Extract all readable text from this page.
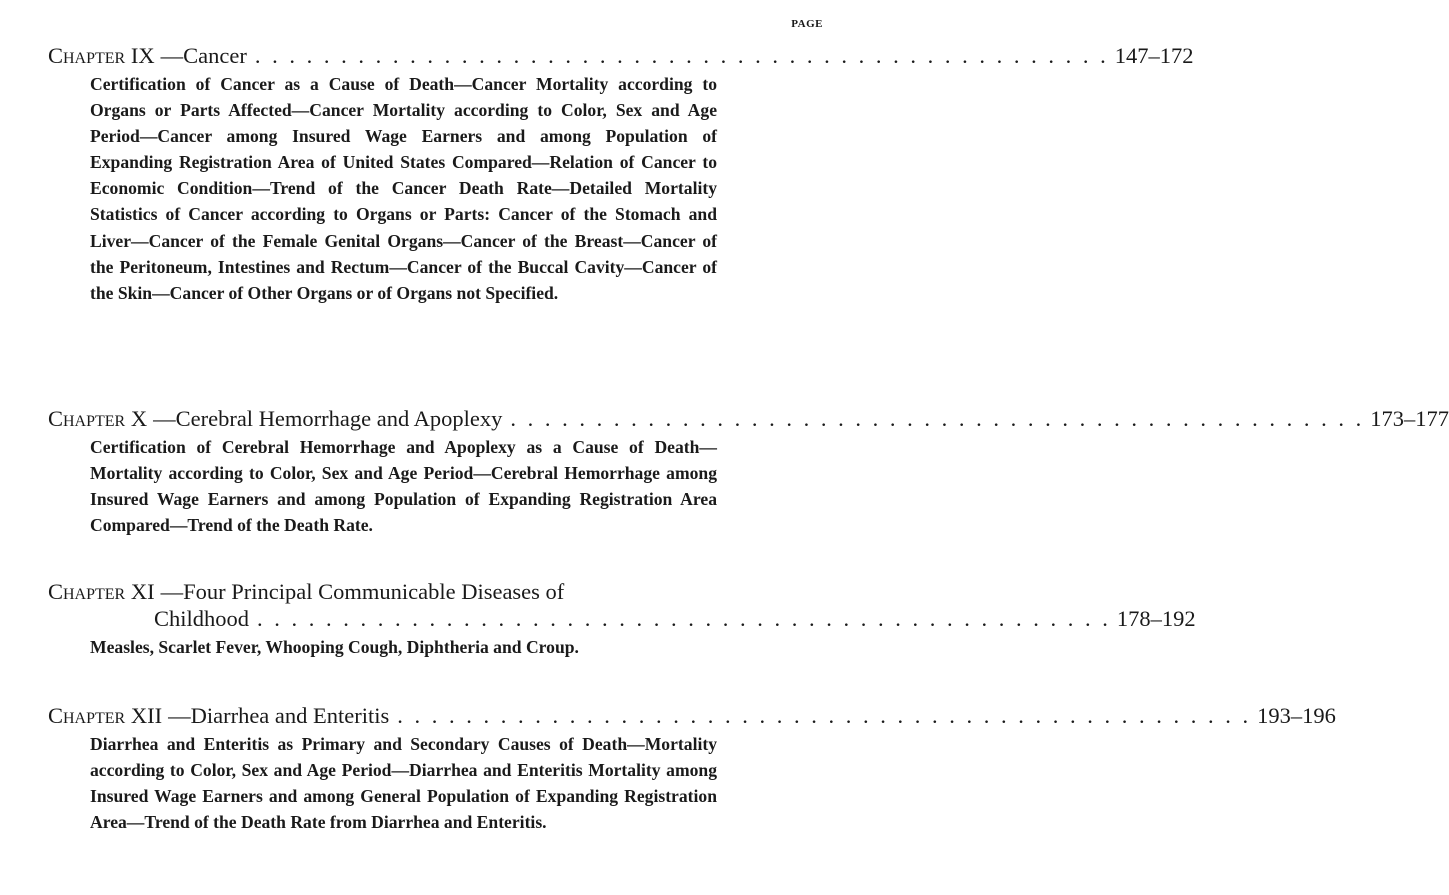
PAGE
Chapter IX —Cancer . . . . . . . . . . . . . . . . . . . . . . . . . . . . . . . . . . . . . . . . . . . . . . . . . . 147–172
Certification of Cancer as a Cause of Death—Cancer Mortality according to Organs or Parts Affected—Cancer Mortality according to Color, Sex and Age Period—Cancer among Insured Wage Earners and among Population of Expanding Registration Area of United States Compared—Relation of Cancer to Economic Condition—Trend of the Cancer Death Rate—Detailed Mortality Statistics of Cancer according to Organs or Parts: Cancer of the Stomach and Liver—Cancer of the Female Genital Organs—Cancer of the Breast—Cancer of the Peritoneum, Intestines and Rectum—Cancer of the Buccal Cavity—Cancer of the Skin—Cancer of Other Organs or of Organs not Specified.
Chapter X —Cerebral Hemorrhage and Apoplexy . . . . . . . . . . . . . . . . . . . . . . . . . . . . . . . . . . . . . . . . . . . . . . . . . . 173–177
Certification of Cerebral Hemorrhage and Apoplexy as a Cause of Death—Mortality according to Color, Sex and Age Period—Cerebral Hemorrhage among Insured Wage Earners and among Population of Expanding Registration Area Compared—Trend of the Death Rate.
Chapter XI —Four Principal Communicable Diseases of
Childhood . . . . . . . . . . . . . . . . . . . . . . . . . . . . . . . . . . . . . . . . . . . . . . . . . . 178–192
Measles, Scarlet Fever, Whooping Cough, Diphtheria and Croup.
Chapter XII —Diarrhea and Enteritis . . . . . . . . . . . . . . . . . . . . . . . . . . . . . . . . . . . . . . . . . . . . . . . . . . 193–196
Diarrhea and Enteritis as Primary and Secondary Causes of Death—Mortality according to Color, Sex and Age Period—Diarrhea and Enteritis Mortality among Insured Wage Earners and among General Population of Expanding Registration Area—Trend of the Death Rate from Diarrhea and Enteritis.
